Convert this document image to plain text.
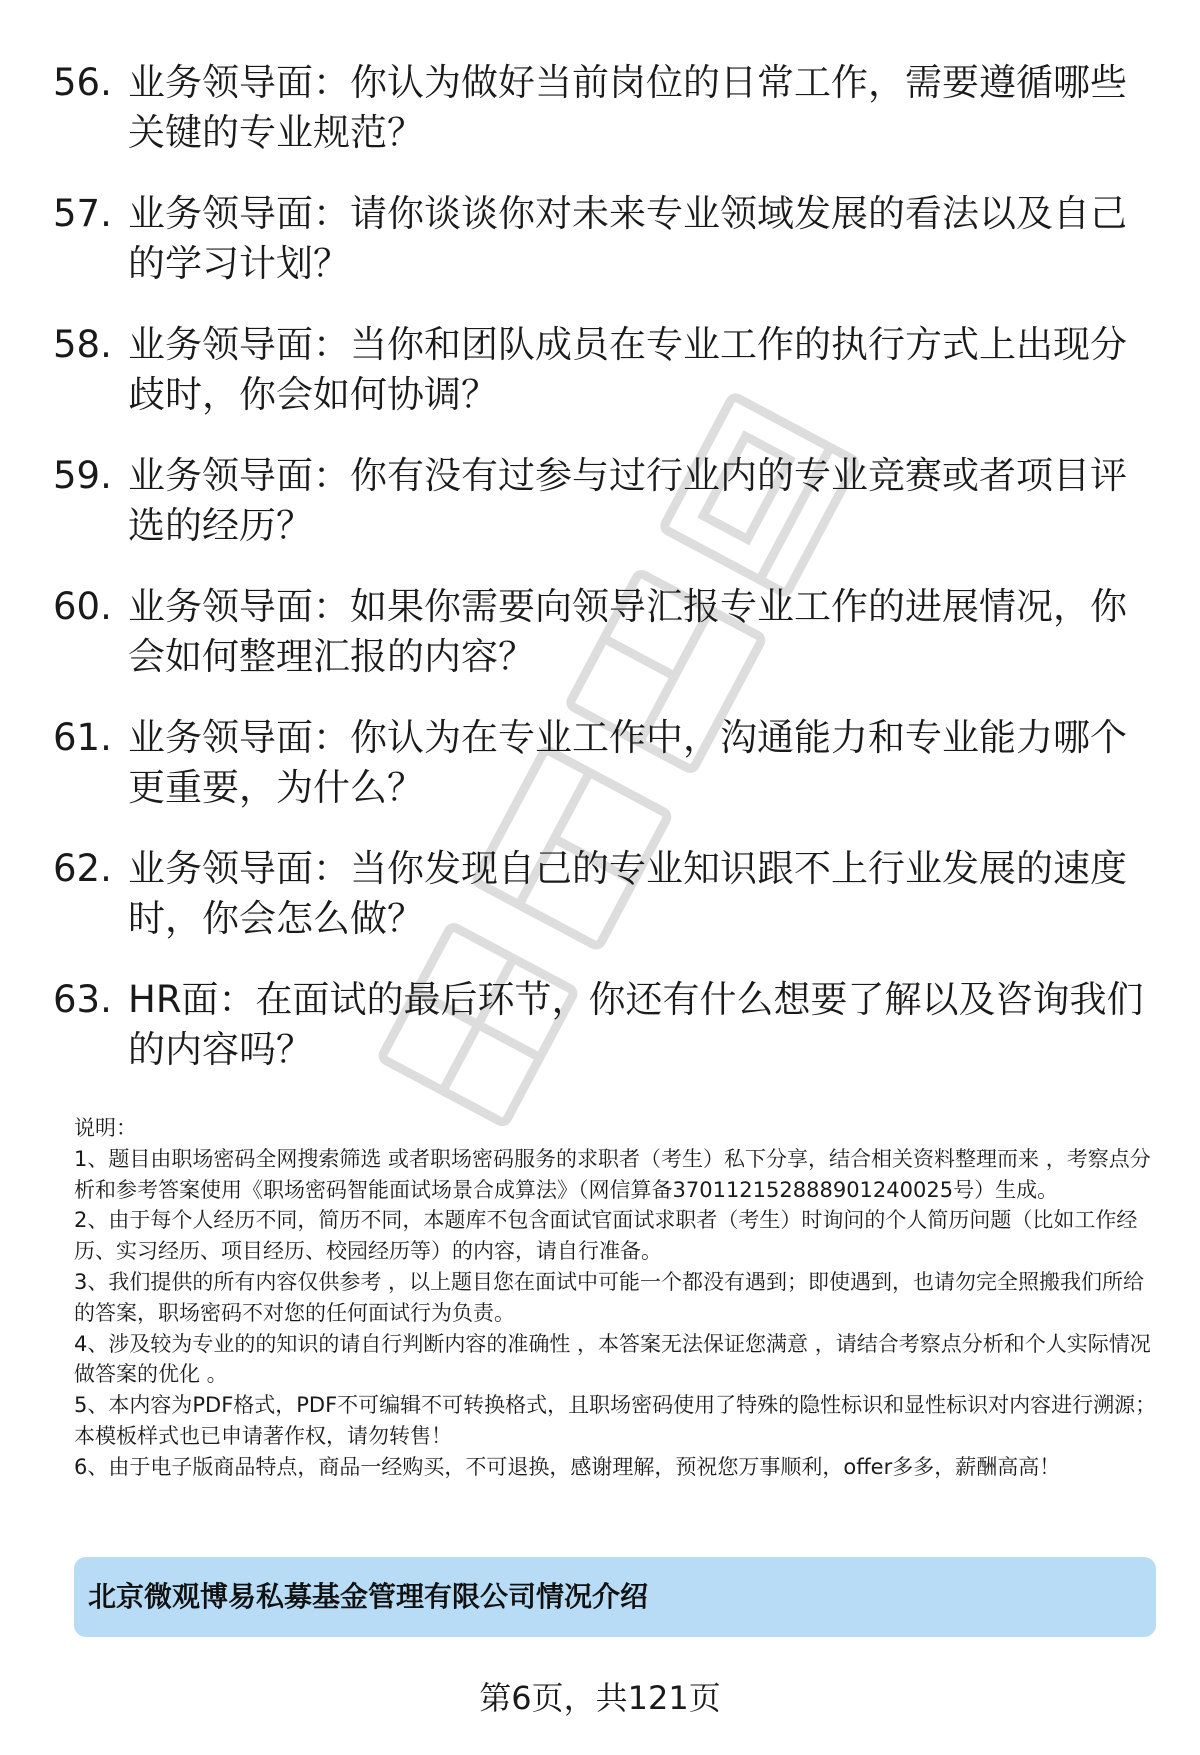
56. 业务领导面：你认为做好当前岗位的日常工作，需要遵循哪些关键的专业规范？

57. 业务领导面：请你谈谈你对未来专业领域发展的看法以及自己的学习计划？

58. 业务领导面：当你和团队成员在专业工作的执行方式上出现分歧时，你会如何协调？

59. 业务领导面：你有没有过参与过行业内的专业竞赛或者项目评选的经历？

60. 业务领导面：如果你需要向领导汇报专业工作的进展情况，你会如何整理汇报的内容？

61. 业务领导面：你认为在专业工作中，沟通能力和专业能力哪个更重要，为什么？

62. 业务领导面：当你发现自己的专业知识跟不上行业发展的速度时，你会怎么做？

63. HR面：在面试的最后环节，你还有什么想要了解以及咨询我们的内容吗？

说明：

1、题目由职场密码全网搜索筛选 或者职场密码服务的求职者（考生）私下分享，结合相关资料整理而来 ，考察点分析和参考答案使用《职场密码智能面试场景合成算法》（网信算备370112152888901240025号）生成。

2、由于每个人经历不同，简历不同，本题库不包含面试官面试求职者（考生）时询问的个人简历问题（比如工作经历、实习经历、项目经历、校园经历等）的内容，请自行准备。

3、我们提供的所有内容仅供参考 ，以上题目您在面试中可能一个都没有遇到；即使遇到，也请勿完全照搬我们所给的答案，职场密码不对您的任何面试行为负责。

4、涉及较为专业的的知识的请自行判断内容的准确性 ，本答案无法保证您满意 ，请结合考察点分析和个人实际情况做答案的优化 。

5、本内容为PDF格式，PDF不可编辑不可转换格式，且职场密码使用了特殊的隐性标识和显性标识对内容进行溯源；本模板样式也已申请著作权，请勿转售！

6、由于电子版商品特点，商品一经购买，不可退换，感谢理解，预祝您万事顺利，offer多多，薪酬高高！

北京微观博易私募基金管理有限公司情况介绍
第6页，共121页
